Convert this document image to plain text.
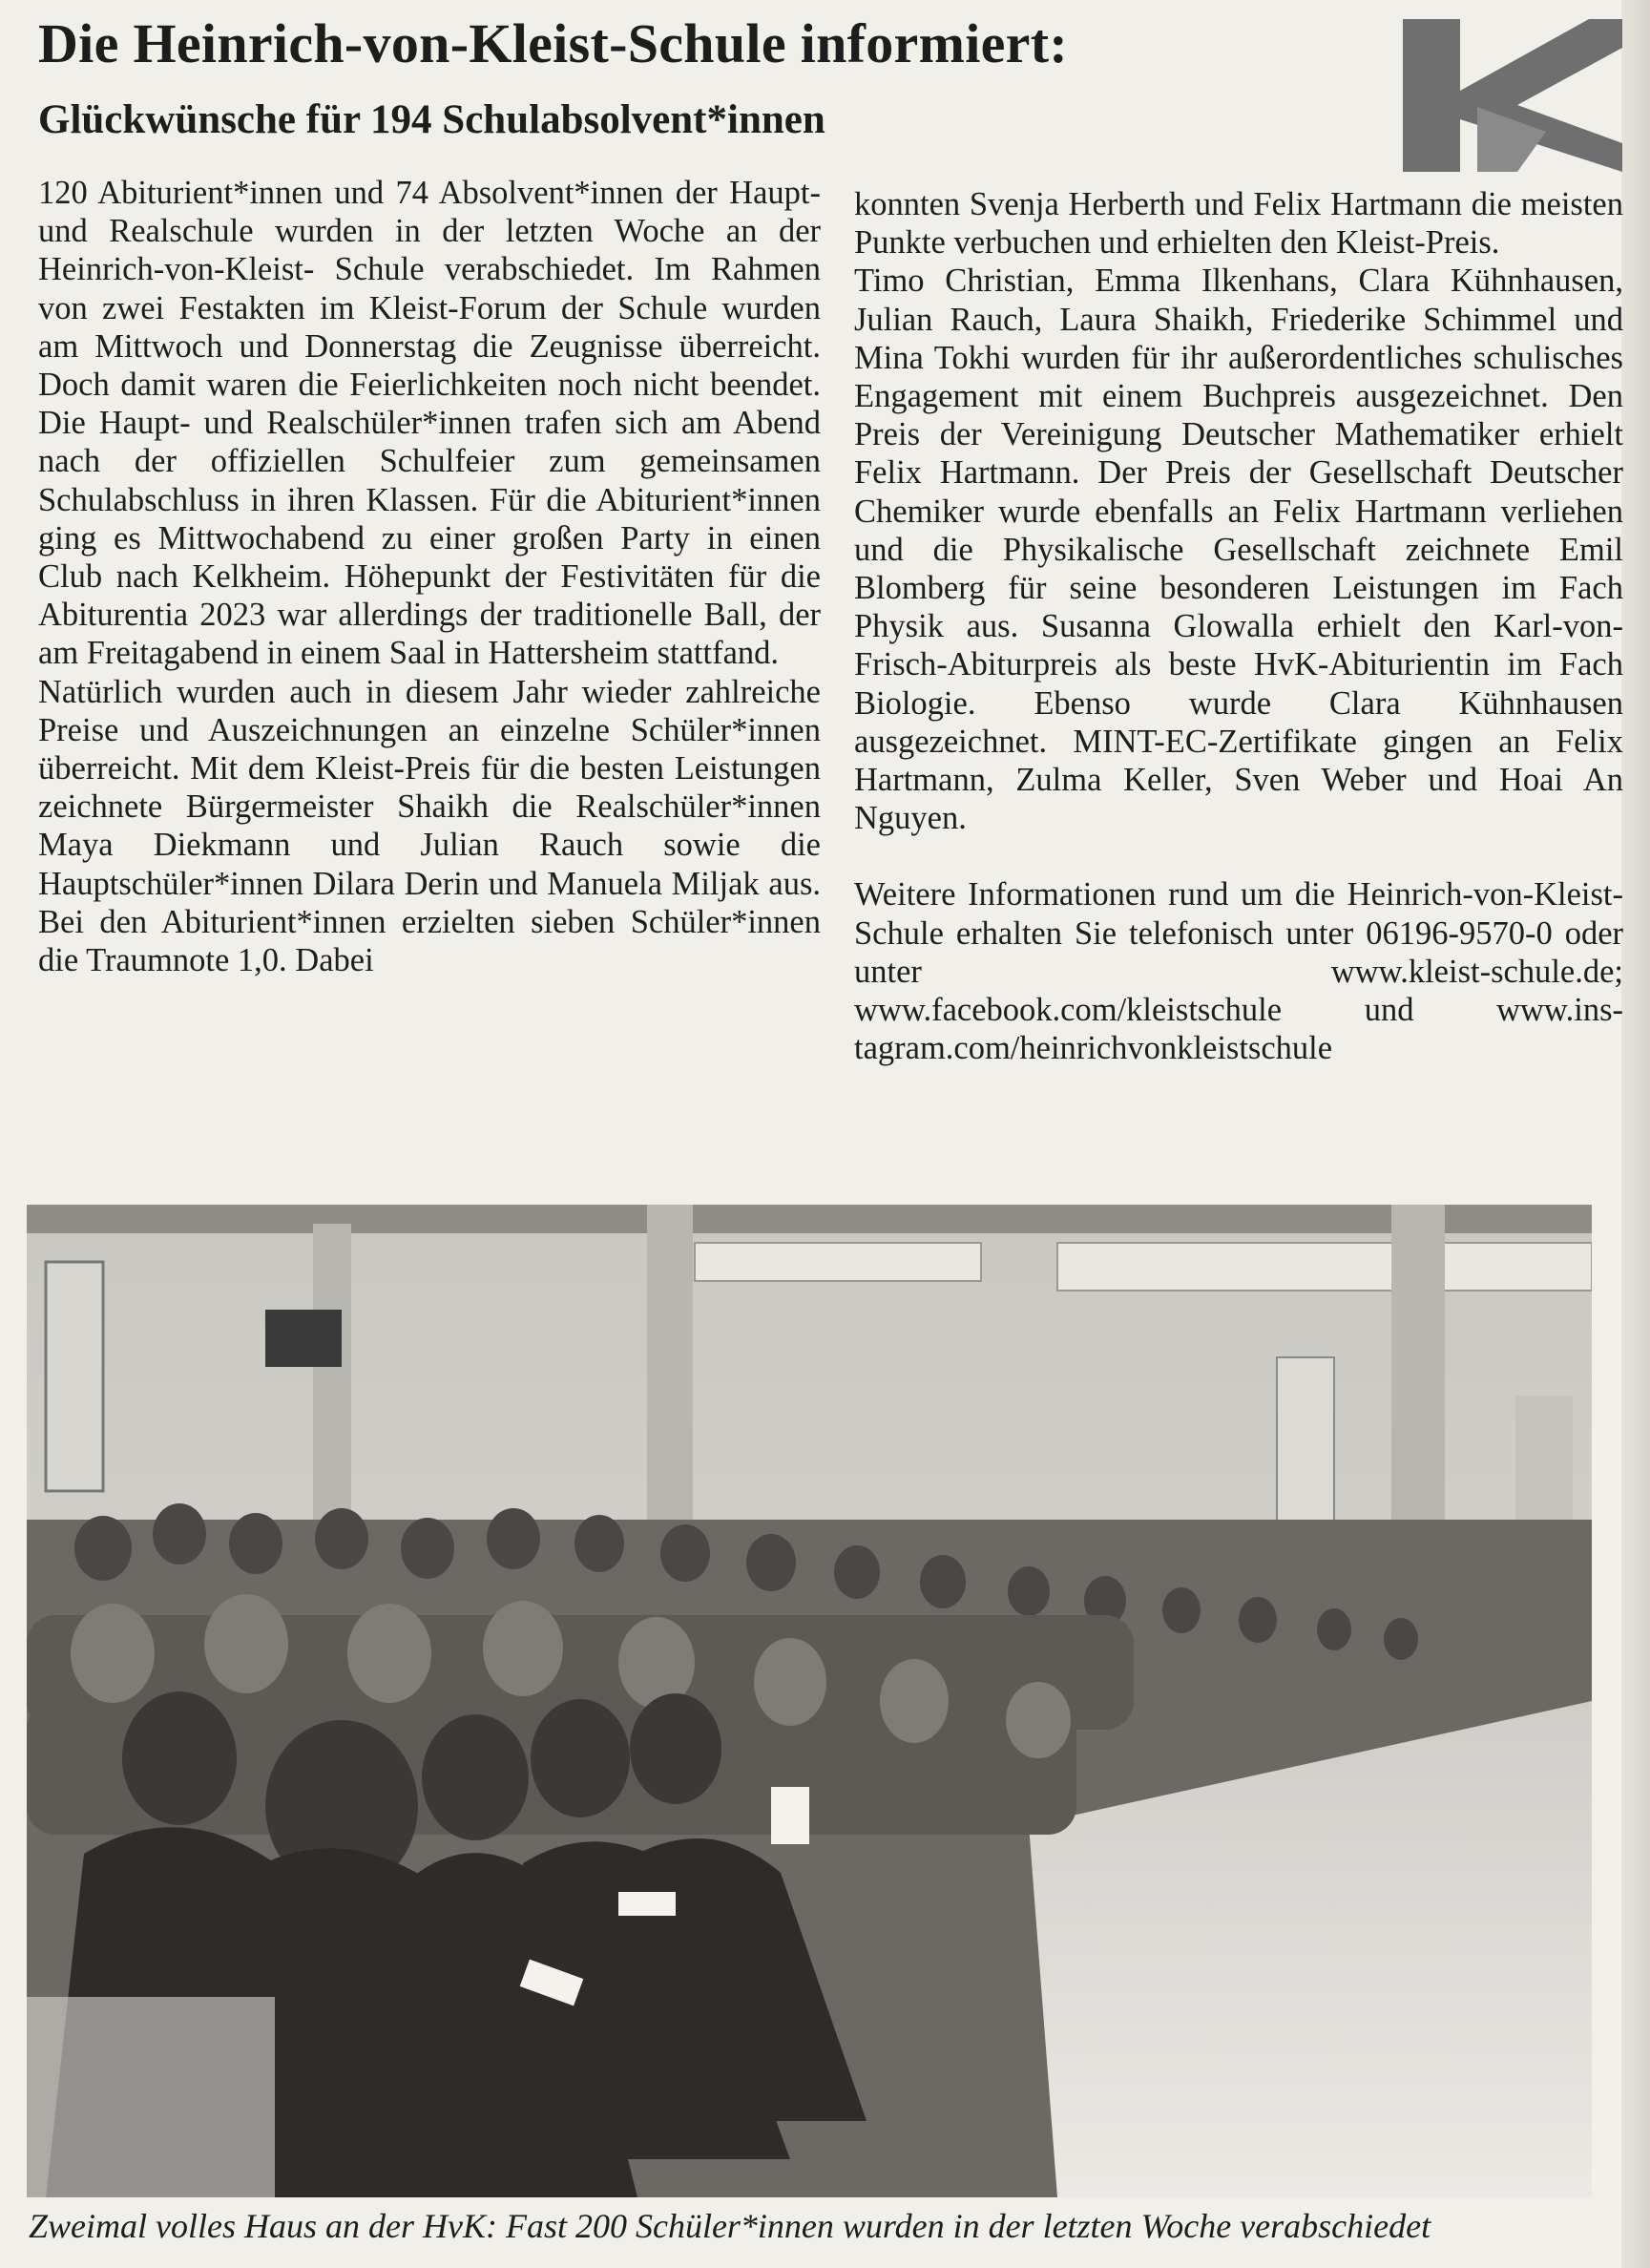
Die Heinrich-von-Kleist-Schule informiert:
Glückwünsche für 194 Schulabsolvent*innen

120 Abiturient*innen und 74 Absolvent*innen der Haupt- und Realschule wurden in der letzten Woche an der Heinrich-von-Kleist- Schule verabschiedet. Im Rahmen von zwei Festakten im Kleist-Forum der Schule wurden am Mittwoch und Donnerstag die Zeugnisse überreicht. Doch damit waren die Feierlichkeiten noch nicht beendet. Die Haupt- und Realschüler*innen trafen sich am Abend nach der offiziellen Schulfeier zum gemeinsamen Schulabschluss in ihren Klassen. Für die Abiturient*innen ging es Mittwochabend zu einer großen Party in einen Club nach Kelkheim. Höhepunkt der Festivitäten für die Abiturentia 2023 war allerdings der traditionelle Ball, der am Freitagabend in einem Saal in Hattersheim stattfand.

Natürlich wurden auch in diesem Jahr wieder zahlreiche Preise und Auszeichnungen an einzelne Schüler*innen überreicht. Mit dem Kleist-Preis für die besten Leistungen zeichnete Bürgermeister Shaikh die Realschüler*innen Maya Diekmann und Julian Rauch sowie die Hauptschüler*innen Dilara Derin und Manuela Miljak aus. Bei den Abiturient*innen erzielten sieben Schüler*innen die Traumnote 1,0. Dabei

konnten Svenja Herberth und Felix Hartmann die meisten Punkte verbuchen und erhielten den Kleist-Preis.

Timo Christian, Emma Ilkenhans, Clara Kühnhausen, Julian Rauch, Laura Shaikh, Friederike Schimmel und Mina Tokhi wurden für ihr außerordentliches schulisches Engagement mit einem Buchpreis ausgezeichnet. Den Preis der Vereinigung Deutscher Mathematiker erhielt Felix Hartmann. Der Preis der Gesellschaft Deutscher Chemiker wurde ebenfalls an Felix Hartmann verliehen und die Physikalische Gesellschaft zeichnete Emil Blomberg für seine besonderen Leistungen im Fach Physik aus. Susanna Glowalla erhielt den Karl-von-Frisch-Abiturpreis als beste HvK-Abiturientin im Fach Biologie. Ebenso wurde Clara Kühnhausen ausgezeichnet. MINT-EC-Zertifikate gingen an Felix Hartmann, Zulma Keller, Sven Weber und Hoai An Nguyen.

Weitere Informationen rund um die Heinrich-von-Kleist-Schule erhalten Sie telefonisch unter 06196-9570-0 oder unter www.kleist-schule.de; www.facebook.com/kleistschule und www.instagram.com/heinrichvonkleistschule

Zweimal volles Haus an der HvK: Fast 200 Schüler*innen wurden in der letzten Woche verabschiedet
